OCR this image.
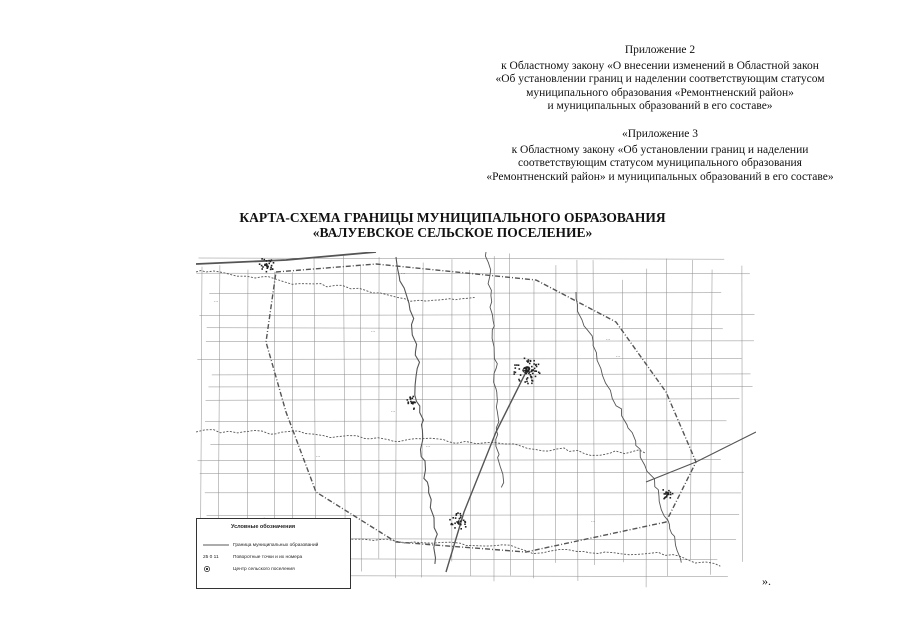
Приложение 2
к Областному закону «О внесении изменений в Областной закон
«Об установлении границ и наделении соответствующим статусом
муниципального образования «Ремонтненский район»
и муниципальных образований в его составе»
«Приложение 3
к Областному закону «Об установлении границ и наделении
соответствующим статусом муниципального образования
«Ремонтненский район» и муниципальных образований в его составе»
КАРТА-СХЕМА ГРАНИЦЫ МУНИЦИПАЛЬНОГО ОБРАЗОВАНИЯ
«ВАЛУЕВСКОЕ СЕЛЬСКОЕ ПОСЕЛЕНИЕ»
...
...
...
...
...
...
...
...
...
Условные обозначения
Граница муниципальных образований
25 0 11	Поворотные точки и их номера
Центр сельского поселения
».
